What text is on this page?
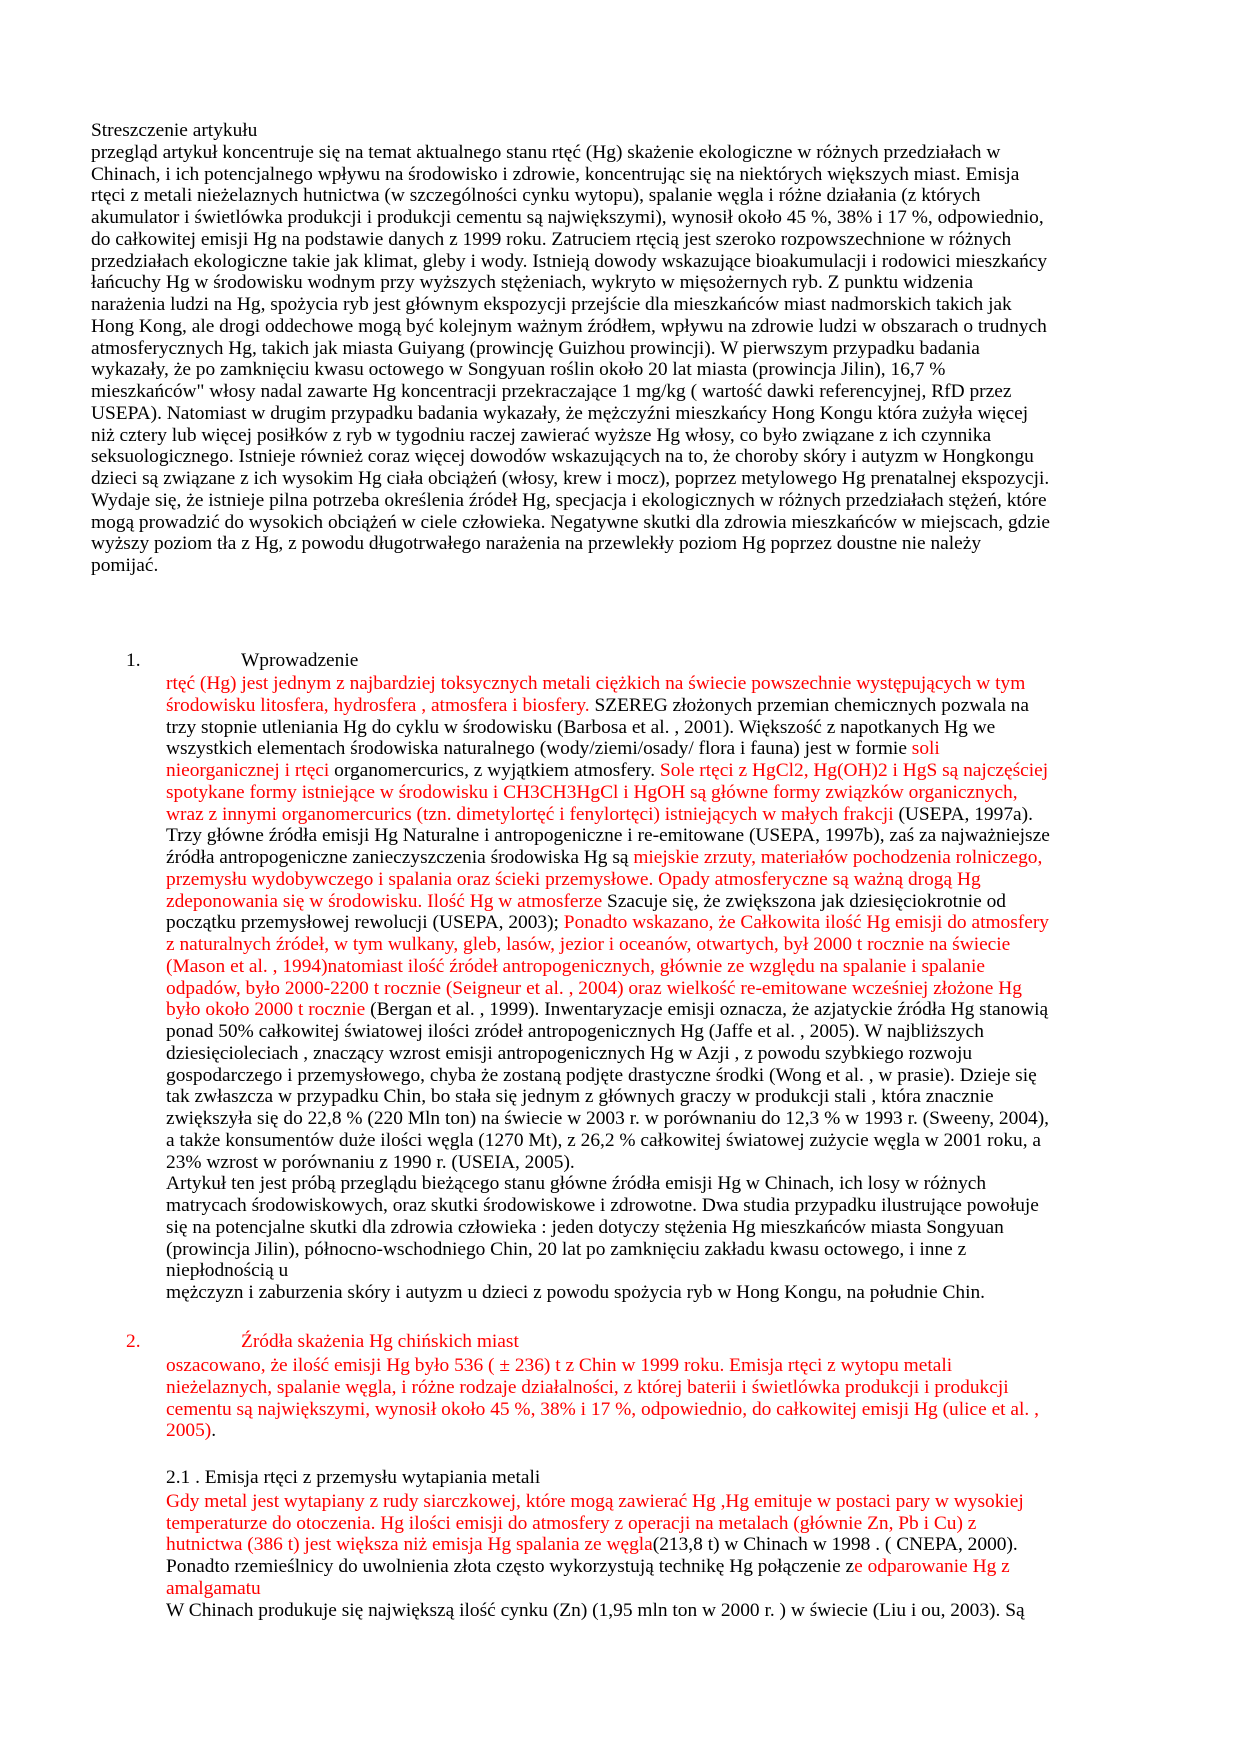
Streszczenie artykułu
przegląd artykuł koncentruje się na temat aktualnego stanu rtęć (Hg) skażenie ekologiczne w różnych przedziałach w
Chinach, i ich potencjalnego wpływu na środowisko i zdrowie, koncentrując się na niektórych większych miast. Emisja
rtęci z metali nieżelaznych hutnictwa (w szczególności cynku wytopu), spalanie węgla i różne działania (z których
akumulator i świetlówka produkcji i produkcji cementu są największymi), wynosił około 45 %, 38% i 17 %, odpowiednio,
do całkowitej emisji Hg na podstawie danych z 1999 roku. Zatruciem rtęcią jest szeroko rozpowszechnione w różnych
przedziałach ekologiczne takie jak klimat, gleby i wody. Istnieją dowody wskazujące bioakumulacji i rodowici mieszkańcy
łańcuchy Hg w środowisku wodnym przy wyższych stężeniach, wykryto w mięsożernych ryb. Z punktu widzenia
narażenia ludzi na Hg, spożycia ryb jest głównym ekspozycji przejście dla mieszkańców miast nadmorskich takich jak
Hong Kong, ale drogi oddechowe mogą być kolejnym ważnym źródłem, wpływu na zdrowie ludzi w obszarach o trudnych
atmosferycznych Hg, takich jak miasta Guiyang (prowincję Guizhou prowincji). W pierwszym przypadku badania
wykazały, że po zamknięciu kwasu octowego w Songyuan roślin około 20 lat miasta (prowincja Jilin), 16,7 %
mieszkańców" włosy nadal zawarte Hg koncentracji przekraczające 1 mg/kg ( wartość dawki referencyjnej, RfD przez
USEPA). Natomiast w drugim przypadku badania wykazały, że mężczyźni mieszkańcy Hong Kongu która zużyła więcej
niż cztery lub więcej posiłków z ryb w tygodniu raczej zawierać wyższe Hg włosy, co było związane z ich czynnika
seksuologicznego. Istnieje również coraz więcej dowodów wskazujących na to, że choroby skóry i autyzm w Hongkongu
dzieci są związane z ich wysokim Hg ciała obciążeń (włosy, krew i mocz), poprzez metylowego Hg prenatalnej ekspozycji.
Wydaje się, że istnieje pilna potrzeba określenia źródeł Hg, specjacja i ekologicznych w różnych przedziałach stężeń, które
mogą prowadzić do wysokich obciążeń w ciele człowieka. Negatywne skutki dla zdrowia mieszkańców w miejscach, gdzie
wyższy poziom tła z Hg, z powodu długotrwałego narażenia na przewlekły poziom Hg poprzez doustne nie należy
pomijać.
1.	Wprowadzenie
rtęć (Hg) jest jednym z najbardziej toksycznych metali ciężkich na świecie powszechnie występujących w tym
środowisku litosfera, hydrosfera , atmosfera i biosfery. SZEREG złożonych przemian chemicznych pozwala na
trzy stopnie utleniania Hg do cyklu w środowisku (Barbosa et al. , 2001). Większość z napotkanych Hg we
wszystkich elementach środowiska naturalnego (wody/ziemi/osady/ flora i fauna) jest w formie soli
nieorganicznej i rtęci organomercurics, z wyjątkiem atmosfery. Sole rtęci z HgCl2, Hg(OH)2 i HgS są najczęściej
spotykane formy istniejące w środowisku i CH3CH3HgCl i HgOH są główne formy związków organicznych,
wraz z innymi organomercurics (tzn. dimetylortęć i fenylortęci) istniejących w małych frakcji (USEPA, 1997a).
Trzy główne źródła emisji Hg Naturalne i antropogeniczne i re-emitowane (USEPA, 1997b), zaś za najważniejsze
źródła antropogeniczne zanieczyszczenia środowiska Hg są miejskie zrzuty, materiałów pochodzenia rolniczego,
przemysłu wydobywczego i spalania oraz ścieki przemysłowe. Opady atmosferyczne są ważną drogą Hg
zdeponowania się w środowisku. Ilość Hg w atmosferze Szacuje się, że zwiększona jak dziesięciokrotnie od
początku przemysłowej rewolucji (USEPA, 2003); Ponadto wskazano, że Całkowita ilość Hg emisji do atmosfery
z naturalnych źródeł, w tym wulkany, gleb, lasów, jezior i oceanów, otwartych, był 2000 t rocznie na świecie
(Mason et al. , 1994)natomiast ilość źródeł antropogenicznych, głównie ze względu na spalanie i spalanie
odpadów, było 2000-2200 t rocznie (Seigneur et al. , 2004) oraz wielkość re-emitowane wcześniej złożone Hg
było około 2000 t rocznie (Bergan et al. , 1999). Inwentaryzacje emisji oznacza, że azjatyckie źródła Hg stanowią
ponad 50% całkowitej światowej ilości zródeł antropogenicznych Hg (Jaffe et al. , 2005). W najbliższych
dziesięcioleciach , znaczący wzrost emisji antropogenicznych Hg w Azji , z powodu szybkiego rozwoju
gospodarczego i przemysłowego, chyba że zostaną podjęte drastyczne środki (Wong et al. , w prasie). Dzieje się
tak zwłaszcza w przypadku Chin, bo stała się jednym z głównych graczy w produkcji stali , która znacznie
zwiększyła się do 22,8 % (220 Mln ton) na świecie w 2003 r. w porównaniu do 12,3 % w 1993 r. (Sweeny, 2004),
a także konsumentów duże ilości węgla (1270 Mt), z 26,2 % całkowitej światowej zużycie węgla w 2001 roku, a
23% wzrost w porównaniu z 1990 r. (USEIA, 2005).
Artykuł ten jest próbą przeglądu bieżącego stanu główne źródła emisji Hg w Chinach, ich losy w różnych
matrycach środowiskowych, oraz skutki środowiskowe i zdrowotne. Dwa studia przypadku ilustrujące powołuje
się na potencjalne skutki dla zdrowia człowieka : jeden dotyczy stężenia Hg mieszkańców miasta Songyuan
(prowincja Jilin), północno-wschodniego Chin, 20 lat po zamknięciu zakładu kwasu octowego, i inne z
niepłodnością u
mężczyzn i zaburzenia skóry i autyzm u dzieci z powodu spożycia ryb w Hong Kongu, na południe Chin.
2.	Źródła skażenia Hg chińskich miast
oszacowano, że ilość emisji Hg było 536 ( ± 236) t z Chin w 1999 roku. Emisja rtęci z wytopu metali
nieżelaznych, spalanie węgla, i różne rodzaje działalności, z której baterii i świetlówka produkcji i produkcji
cementu są największymi, wynosił około 45 %, 38% i 17 %, odpowiednio, do całkowitej emisji Hg (ulice et al. ,
2005).
2.1 . Emisja rtęci z przemysłu wytapiania metali
Gdy metal jest wytapiany z rudy siarczkowej, które mogą zawierać Hg ,Hg emituje w postaci pary w wysokiej
temperaturze do otoczenia. Hg ilości emisji do atmosfery z operacji na metalach (głównie Zn, Pb i Cu) z
hutnictwa (386 t) jest większa niż emisja Hg spalania ze węgla(213,8 t) w Chinach w 1998 . ( CNEPA, 2000).
Ponadto rzemieślnicy do uwolnienia złota często wykorzystują technikę Hg połączenie ze odparowanie Hg z
amalgamatu
W Chinach produkuje się największą ilość cynku (Zn) (1,95 mln ton w 2000 r. ) w świecie (Liu i ou, 2003). Są
